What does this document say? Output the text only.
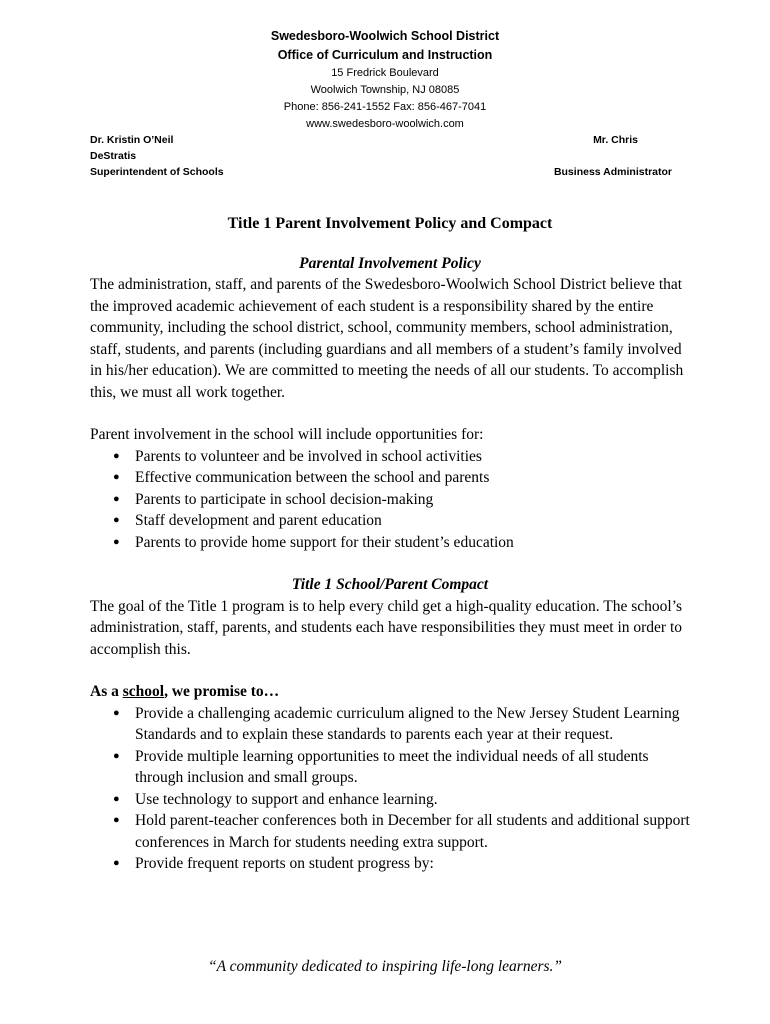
Swedesboro-Woolwich School District
Office of Curriculum and Instruction
15 Fredrick Boulevard
Woolwich Township, NJ 08085
Phone: 856-241-1552 Fax: 856-467-7041
www.swedesboro-woolwich.com
Dr. Kristin O’Neil
DeStratis
Superintendent of Schools
Mr. Chris
Business Administrator
Title 1 Parent Involvement Policy and Compact
Parental Involvement Policy

The administration, staff, and parents of the Swedesboro-Woolwich School District believe that the improved academic achievement of each student is a responsibility shared by the entire community, including the school district, school, community members, school administration, staff, students, and parents (including guardians and all members of a student’s family involved in his/her education). We are committed to meeting the needs of all our students. To accomplish this, we must all work together.

Parent involvement in the school will include opportunities for:

● Parents to volunteer and be involved in school activities
● Effective communication between the school and parents
● Parents to participate in school decision-making
● Staff development and parent education
● Parents to provide home support for their student’s education
Title 1 School/Parent Compact

The goal of the Title 1 program is to help every child get a high-quality education. The school’s administration, staff, parents, and students each have responsibilities they must meet in order to accomplish this.

As a school, we promise to…

● Provide a challenging academic curriculum aligned to the New Jersey Student Learning Standards and to explain these standards to parents each year at their request.
● Provide multiple learning opportunities to meet the individual needs of all students through inclusion and small groups.
● Use technology to support and enhance learning.
● Hold parent-teacher conferences both in December for all students and additional support conferences in March for students needing extra support.
● Provide frequent reports on student progress by:
“A community dedicated to inspiring life-long learners.”
